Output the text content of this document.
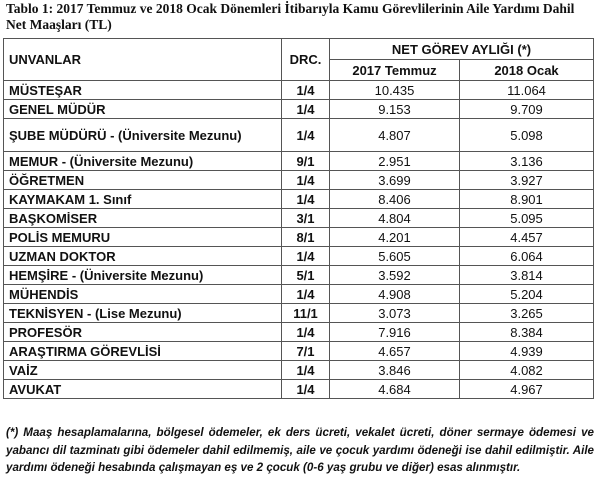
Tablo 1: 2017 Temmuz ve 2018 Ocak Dönemleri İtibarıyla Kamu Görevlilerinin Aile Yardımı Dahil Net Maaşları (TL)
UNVANLAR	DRC.	NET GÖREV AYLIĞI (*)	
		2017 Temmuz	2018 Ocak
MÜSTEŞAR	1/4	10.435	11.064
GENEL MÜDÜR	1/4	9.153	9.709
ŞUBE MÜDÜRÜ - (Üniversite Mezunu)	1/4	4.807	5.098
MEMUR - (Üniversite Mezunu)	9/1	2.951	3.136
ÖĞRETMEN	1/4	3.699	3.927
KAYMAKAM 1. Sınıf	1/4	8.406	8.901
BAŞKOMİSER	3/1	4.804	5.095
POLİS MEMURU	8/1	4.201	4.457
UZMAN DOKTOR	1/4	5.605	6.064
HEMŞİRE - (Üniversite Mezunu)	5/1	3.592	3.814
MÜHENDİS	1/4	4.908	5.204
TEKNİSYEN - (Lise Mezunu)	11/1	3.073	3.265
PROFESÖR	1/4	7.916	8.384
ARAŞTIRMA GÖREVLİSİ	7/1	4.657	4.939
VAİZ	1/4	3.846	4.082
AVUKAT	1/4	4.684	4.967
(*) Maaş hesaplamalarına, bölgesel ödemeler, ek ders ücreti, vekalet ücreti, döner sermaye ödemesi ve yabancı dil tazminatı gibi ödemeler dahil edilmemiş, aile ve çocuk yardımı ödeneği ise dahil edilmiştir. Aile yardımı ödeneği hesabında çalışmayan eş ve 2 çocuk (0-6 yaş grubu ve diğer) esas alınmıştır.
